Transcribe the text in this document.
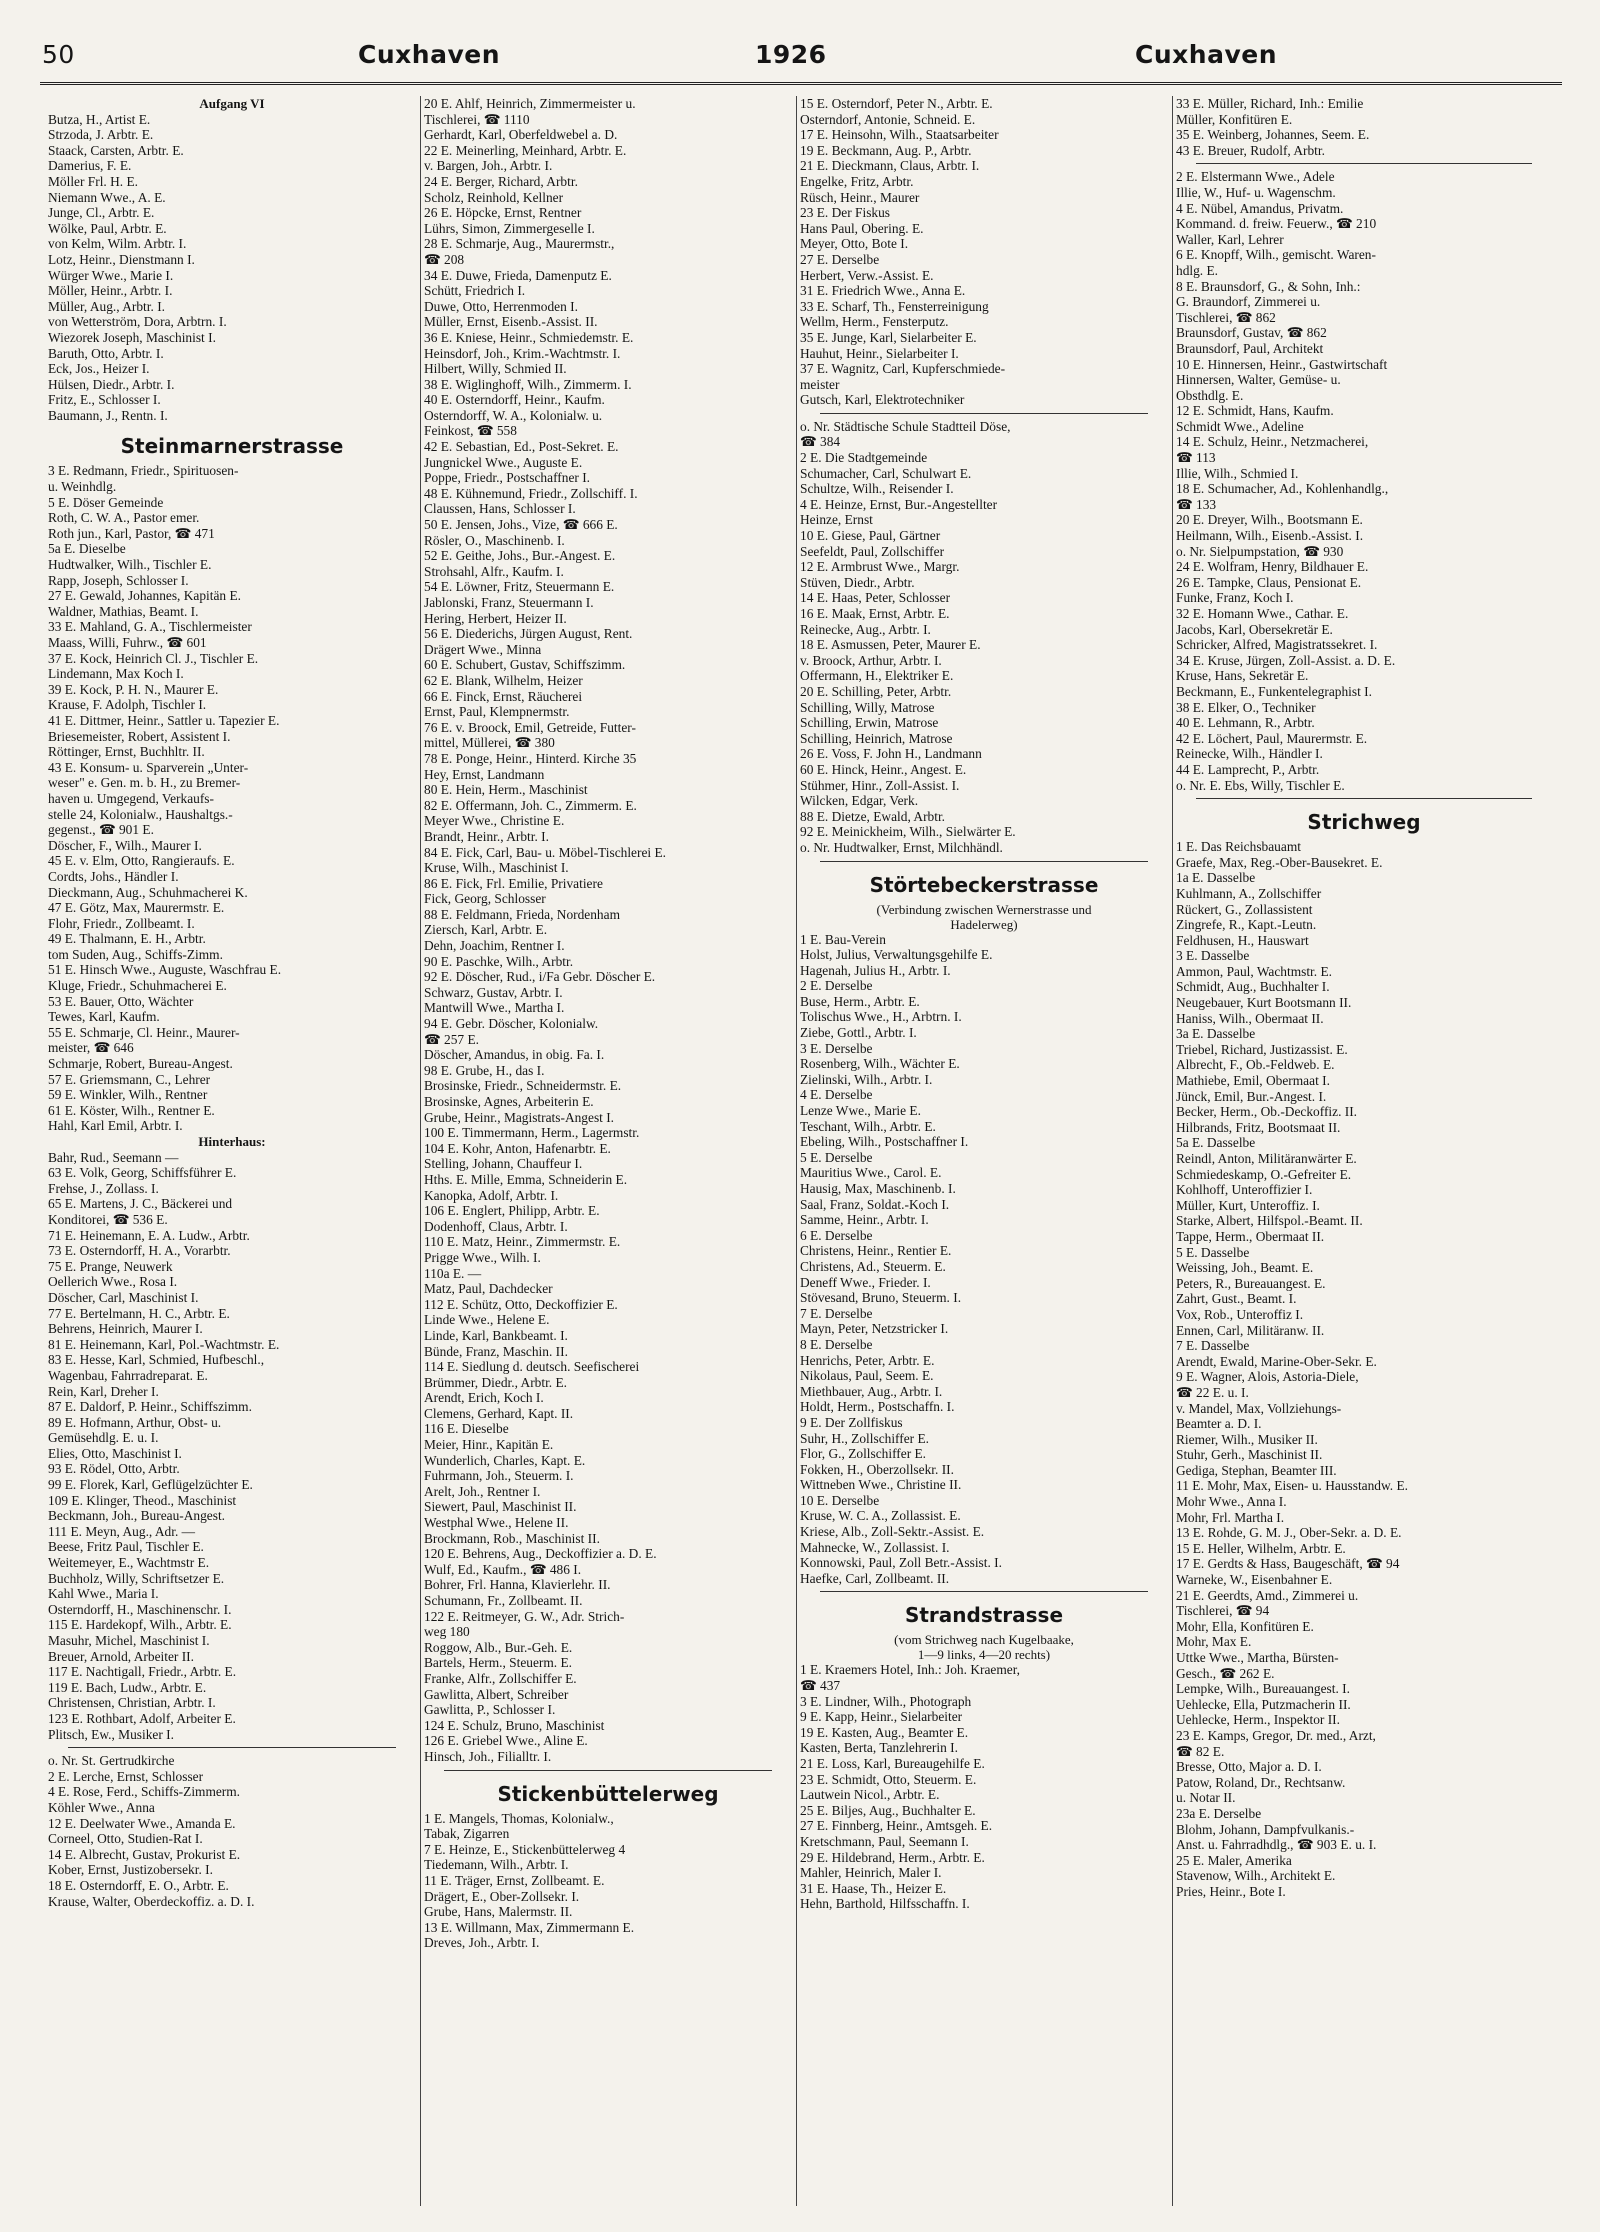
50	Cuxhaven	1926	Cuxhaven
Aufgang VI
Butza, H., Artist E.
Strzoda, J. Arbtr. E.
Staack, Carsten, Arbtr. E.
Damerius, F. E.
Möller Frl. H. E.
Niemann Wwe., A. E.
Junge, Cl., Arbtr. E.
Wölke, Paul, Arbtr. E.
von Kelm, Wilm. Arbtr. I.
Lotz, Heinr., Dienstmann I.
Würger Wwe., Marie I.
Möller, Heinr., Arbtr. I.
Müller, Aug., Arbtr. I.
von Wetterström, Dora, Arbtrn. I.
Wiezorek Joseph, Maschinist I.
Baruth, Otto, Arbtr. I.
Eck, Jos., Heizer I.
Hülsen, Diedr., Arbtr. I.
Fritz, E., Schlosser I.
Baumann, J., Rentn. I.
Steinmarnerstrasse
3 E. Redmann, Friedr., Spirituosen-
u. Weinhdlg.
5 E. Döser Gemeinde
Roth, C. W. A., Pastor emer.
Roth jun., Karl, Pastor, ☎ 471
5a E. Dieselbe
Hudtwalker, Wilh., Tischler E.
Rapp, Joseph, Schlosser I.
27 E. Gewald, Johannes, Kapitän E.
Waldner, Mathias, Beamt. I.
33 E. Mahland, G. A., Tischlermeister
Maass, Willi, Fuhrw., ☎ 601
37 E. Kock, Heinrich Cl. J., Tischler E.
Lindemann, Max Koch I.
39 E. Kock, P. H. N., Maurer E.
Krause, F. Adolph, Tischler I.
41 E. Dittmer, Heinr., Sattler u. Tapezier E.
Briesemeister, Robert, Assistent I.
Röttinger, Ernst, Buchhltr. II.
43 E. Konsum- u. Sparverein „Unter-
weser" e. Gen. m. b. H., zu Bremer-
haven u. Umgegend, Verkaufs-
stelle 24, Kolonialw., Haushaltgs.-
gegenst., ☎ 901 E.
Döscher, F., Wilh., Maurer I.
45 E. v. Elm, Otto, Rangieraufs. E.
Cordts, Johs., Händler I.
Dieckmann, Aug., Schuhmacherei K.
47 E. Götz, Max, Maurermstr. E.
Flohr, Friedr., Zollbeamt. I.
49 E. Thalmann, E. H., Arbtr.
tom Suden, Aug., Schiffs-Zimm.
51 E. Hinsch Wwe., Auguste, Waschfrau E.
Kluge, Friedr., Schuhmacherei E.
53 E. Bauer, Otto, Wächter
Tewes, Karl, Kaufm.
55 E. Schmarje, Cl. Heinr., Maurer-
meister, ☎ 646
Schmarje, Robert, Bureau-Angest.
57 E. Griemsmann, C., Lehrer
59 E. Winkler, Wilh., Rentner
61 E. Köster, Wilh., Rentner E.
Hahl, Karl Emil, Arbtr. I.
Hinterhaus:
Bahr, Rud., Seemann —
63 E. Volk, Georg, Schiffsführer E.
Frehse, J., Zollass. I.
65 E. Martens, J. C., Bäckerei und
Konditorei, ☎ 536 E.
71 E. Heinemann, E. A. Ludw., Arbtr.
73 E. Osterndorff, H. A., Vorarbtr.
75 E. Prange, Neuwerk
Oellerich Wwe., Rosa I.
Döscher, Carl, Maschinist I.
77 E. Bertelmann, H. C., Arbtr. E.
Behrens, Heinrich, Maurer I.
81 E. Heinemann, Karl, Pol.-Wachtmstr. E.
83 E. Hesse, Karl, Schmied, Hufbeschl.,
Wagenbau, Fahrradreparat. E.
Rein, Karl, Dreher I.
87 E. Daldorf, P. Heinr., Schiffszimm.
89 E. Hofmann, Arthur, Obst- u.
Gemüsehdlg. E. u. I.
Elies, Otto, Maschinist I.
93 E. Rödel, Otto, Arbtr.
99 E. Florek, Karl, Geflügelzüchter E.
109 E. Klinger, Theod., Maschinist
Beckmann, Joh., Bureau-Angest.
111 E. Meyn, Aug., Adr. —
Beese, Fritz Paul, Tischler E.
Weitemeyer, E., Wachtmstr E.
Buchholz, Willy, Schriftsetzer E.
Kahl Wwe., Maria I.
Osterndorff, H., Maschinenschr. I.
115 E. Hardekopf, Wilh., Arbtr. E.
Masuhr, Michel, Maschinist I.
Breuer, Arnold, Arbeiter II.
117 E. Nachtigall, Friedr., Arbtr. E.
119 E. Bach, Ludw., Arbtr. E.
Christensen, Christian, Arbtr. I.
123 E. Rothbart, Adolf, Arbeiter E.
Plitsch, Ew., Musiker I.
o. Nr. St. Gertrudkirche
2 E. Lerche, Ernst, Schlosser
4 E. Rose, Ferd., Schiffs-Zimmerm.
Köhler Wwe., Anna
12 E. Deelwater Wwe., Amanda E.
Corneel, Otto, Studien-Rat I.
14 E. Albrecht, Gustav, Prokurist E.
Kober, Ernst, Justizobersekr. I.
18 E. Osterndorff, E. O., Arbtr. E.
Krause, Walter, Oberdeckoffiz. a. D. I.
20 E. Ahlf, Heinrich, Zimmermeister u.
Tischlerei, ☎ 1110
Gerhardt, Karl, Oberfeldwebel a. D.
22 E. Meinerling, Meinhard, Arbtr. E.
v. Bargen, Joh., Arbtr. I.
24 E. Berger, Richard, Arbtr.
Scholz, Reinhold, Kellner
26 E. Höpcke, Ernst, Rentner
Lührs, Simon, Zimmergeselle I.
28 E. Schmarje, Aug., Maurermstr.,
☎ 208
34 E. Duwe, Frieda, Damenputz E.
Schütt, Friedrich I.
Duwe, Otto, Herrenmoden I.
Müller, Ernst, Eisenb.-Assist. II.
36 E. Kniese, Heinr., Schmiedemstr. E.
Heinsdorf, Joh., Krim.-Wachtmstr. I.
Hilbert, Willy, Schmied II.
38 E. Wiglinghoff, Wilh., Zimmerm. I.
40 E. Osterndorff, Heinr., Kaufm.
Osterndorff, W. A., Kolonialw. u.
Feinkost, ☎ 558
42 E. Sebastian, Ed., Post-Sekret. E.
Jungnickel Wwe., Auguste E.
Poppe, Friedr., Postschaffner I.
48 E. Kühnemund, Friedr., Zollschiff. I.
Claussen, Hans, Schlosser I.
50 E. Jensen, Johs., Vize, ☎ 666 E.
Rösler, O., Maschinenb. I.
52 E. Geithe, Johs., Bur.-Angest. E.
Strohsahl, Alfr., Kaufm. I.
54 E. Löwner, Fritz, Steuermann E.
Jablonski, Franz, Steuermann I.
Hering, Herbert, Heizer II.
56 E. Diederichs, Jürgen August, Rent.
Drägert Wwe., Minna
60 E. Schubert, Gustav, Schiffszimm.
62 E. Blank, Wilhelm, Heizer
66 E. Finck, Ernst, Räucherei
Ernst, Paul, Klempnermstr.
76 E. v. Broock, Emil, Getreide, Futter-
mittel, Müllerei, ☎ 380
78 E. Ponge, Heinr., Hinterd. Kirche 35
Hey, Ernst, Landmann
80 E. Hein, Herm., Maschinist
82 E. Offermann, Joh. C., Zimmerm. E.
Meyer Wwe., Christine E.
Brandt, Heinr., Arbtr. I.
84 E. Fick, Carl, Bau- u. Möbel-Tischlerei E.
Kruse, Wilh., Maschinist I.
86 E. Fick, Frl. Emilie, Privatiere
Fick, Georg, Schlosser
88 E. Feldmann, Frieda, Nordenham
Ziersch, Karl, Arbtr. E.
Dehn, Joachim, Rentner I.
90 E. Paschke, Wilh., Arbtr.
92 E. Döscher, Rud., i/Fa Gebr. Döscher E.
Schwarz, Gustav, Arbtr. I.
Mantwill Wwe., Martha I.
94 E. Gebr. Döscher, Kolonialw.
☎ 257 E.
Döscher, Amandus, in obig. Fa. I.
98 E. Grube, H., das I.
Brosinske, Friedr., Schneidermstr. E.
Brosinske, Agnes, Arbeiterin E.
Grube, Heinr., Magistrats-Angest I.
100 E. Timmermann, Herm., Lagermstr.
104 E. Kohr, Anton, Hafenarbtr. E.
Stelling, Johann, Chauffeur I.
Hths. E. Mille, Emma, Schneiderin E.
Kanopka, Adolf, Arbtr. I.
106 E. Englert, Philipp, Arbtr. E.
Dodenhoff, Claus, Arbtr. I.
110 E. Matz, Heinr., Zimmermstr. E.
Prigge Wwe., Wilh. I.
110a E. —
Matz, Paul, Dachdecker
112 E. Schütz, Otto, Deckoffizier E.
Linde Wwe., Helene E.
Linde, Karl, Bankbeamt. I.
Bünde, Franz, Maschin. II.
114 E. Siedlung d. deutsch. Seefischerei
Brümmer, Diedr., Arbtr. E.
Arendt, Erich, Koch I.
Clemens, Gerhard, Kapt. II.
116 E. Dieselbe
Meier, Hinr., Kapitän E.
Wunderlich, Charles, Kapt. E.
Fuhrmann, Joh., Steuerm. I.
Arelt, Joh., Rentner I.
Siewert, Paul, Maschinist II.
Westphal Wwe., Helene II.
Brockmann, Rob., Maschinist II.
120 E. Behrens, Aug., Deckoffizier a. D. E.
Wulf, Ed., Kaufm., ☎ 486 I.
Bohrer, Frl. Hanna, Klavierlehr. II.
Schumann, Fr., Zollbeamt. II.
122 E. Reitmeyer, G. W., Adr. Strich-
weg 180
Roggow, Alb., Bur.-Geh. E.
Bartels, Herm., Steuerm. E.
Franke, Alfr., Zollschiffer E.
Gawlitta, Albert, Schreiber
Gawlitta, P., Schlosser I.
124 E. Schulz, Bruno, Maschinist
126 E. Griebel Wwe., Aline E.
Hinsch, Joh., Filialltr. I.
Stickenbüttelerweg
1 E. Mangels, Thomas, Kolonialw.,
Tabak, Zigarren
7 E. Heinze, E., Stickenbüttelerweg 4
Tiedemann, Wilh., Arbtr. I.
11 E. Träger, Ernst, Zollbeamt. E.
Drägert, E., Ober-Zollsekr. I.
Grube, Hans, Malermstr. II.
13 E. Willmann, Max, Zimmermann E.
Dreves, Joh., Arbtr. I.
15 E. Osterndorf, Peter N., Arbtr. E.
Osterndorf, Antonie, Schneid. E.
17 E. Heinsohn, Wilh., Staatsarbeiter
19 E. Beckmann, Aug. P., Arbtr.
21 E. Dieckmann, Claus, Arbtr. I.
Engelke, Fritz, Arbtr.
Rüsch, Heinr., Maurer
23 E. Der Fiskus
Hans Paul, Obering. E.
Meyer, Otto, Bote I.
27 E. Derselbe
Herbert, Verw.-Assist. E.
31 E. Friedrich Wwe., Anna E.
33 E. Scharf, Th., Fensterreinigung
Wellm, Herm., Fensterputz.
35 E. Junge, Karl, Sielarbeiter E.
Hauhut, Heinr., Sielarbeiter I.
37 E. Wagnitz, Carl, Kupferschmiede-
meister
Gutsch, Karl, Elektrotechniker
o. Nr. Städtische Schule Stadtteil Döse,
☎ 384
2 E. Die Stadtgemeinde
Schumacher, Carl, Schulwart E.
Schultze, Wilh., Reisender I.
4 E. Heinze, Ernst, Bur.-Angestellter
Heinze, Ernst
10 E. Giese, Paul, Gärtner
Seefeldt, Paul, Zollschiffer
12 E. Armbrust Wwe., Margr.
Stüven, Diedr., Arbtr.
14 E. Haas, Peter, Schlosser
16 E. Maak, Ernst, Arbtr. E.
Reinecke, Aug., Arbtr. I.
18 E. Asmussen, Peter, Maurer E.
v. Broock, Arthur, Arbtr. I.
Offermann, H., Elektriker E.
20 E. Schilling, Peter, Arbtr.
Schilling, Willy, Matrose
Schilling, Erwin, Matrose
Schilling, Heinrich, Matrose
26 E. Voss, F. John H., Landmann
60 E. Hinck, Heinr., Angest. E.
Stühmer, Hinr., Zoll-Assist. I.
Wilcken, Edgar, Verk.
88 E. Dietze, Ewald, Arbtr.
92 E. Meinickheim, Wilh., Sielwärter E.
o. Nr. Hudtwalker, Ernst, Milchhändl.
Störtebeckerstrasse
(Verbindung zwischen Wernerstrasse und
Hadelerweg)
1 E. Bau-Verein
Holst, Julius, Verwaltungsgehilfe E.
Hagenah, Julius H., Arbtr. I.
2 E. Derselbe
Buse, Herm., Arbtr. E.
Tolischus Wwe., H., Arbtrn. I.
Ziebe, Gottl., Arbtr. I.
3 E. Derselbe
Rosenberg, Wilh., Wächter E.
Zielinski, Wilh., Arbtr. I.
4 E. Derselbe
Lenze Wwe., Marie E.
Teschant, Wilh., Arbtr. E.
Ebeling, Wilh., Postschaffner I.
5 E. Derselbe
Mauritius Wwe., Carol. E.
Hausig, Max, Maschinenb. I.
Saal, Franz, Soldat.-Koch I.
Samme, Heinr., Arbtr. I.
6 E. Derselbe
Christens, Heinr., Rentier E.
Christens, Ad., Steuerm. E.
Deneff Wwe., Frieder. I.
Stövesand, Bruno, Steuerm. I.
7 E. Derselbe
Mayn, Peter, Netzstricker I.
8 E. Derselbe
Henrichs, Peter, Arbtr. E.
Nikolaus, Paul, Seem. E.
Miethbauer, Aug., Arbtr. I.
Holdt, Herm., Postschaffn. I.
9 E. Der Zollfiskus
Suhr, H., Zollschiffer E.
Flor, G., Zollschiffer E.
Fokken, H., Oberzollsekr. II.
Wittneben Wwe., Christine II.
10 E. Derselbe
Kruse, W. C. A., Zollassist. E.
Kriese, Alb., Zoll-Sektr.-Assist. E.
Mahnecke, W., Zollassist. I.
Konnowski, Paul, Zoll Betr.-Assist. I.
Haefke, Carl, Zollbeamt. II.
Strandstrasse
(vom Strichweg nach Kugelbaake,
1—9 links, 4—20 rechts)
1 E. Kraemers Hotel, Inh.: Joh. Kraemer,
☎ 437
3 E. Lindner, Wilh., Photograph
9 E. Kapp, Heinr., Sielarbeiter
19 E. Kasten, Aug., Beamter E.
Kasten, Berta, Tanzlehrerin I.
21 E. Loss, Karl, Bureaugehilfe E.
23 E. Schmidt, Otto, Steuerm. E.
Lautwein Nicol., Arbtr. E.
25 E. Biljes, Aug., Buchhalter E.
27 E. Finnberg, Heinr., Amtsgeh. E.
Kretschmann, Paul, Seemann I.
29 E. Hildebrand, Herm., Arbtr. E.
Mahler, Heinrich, Maler I.
31 E. Haase, Th., Heizer E.
Hehn, Barthold, Hilfsschaffn. I.
33 E. Müller, Richard, Inh.: Emilie
Müller, Konfitüren E.
35 E. Weinberg, Johannes, Seem. E.
43 E. Breuer, Rudolf, Arbtr.
2 E. Elstermann Wwe., Adele
Illie, W., Huf- u. Wagenschm.
4 E. Nübel, Amandus, Privatm.
Kommand. d. freiw. Feuerw., ☎ 210
Waller, Karl, Lehrer
6 E. Knopff, Wilh., gemischt. Waren-
hdlg. E.
8 E. Braunsdorf, G., & Sohn, Inh.:
G. Braundorf, Zimmerei u.
Tischlerei, ☎ 862
Braunsdorf, Gustav, ☎ 862
Braunsdorf, Paul, Architekt
10 E. Hinnersen, Heinr., Gastwirtschaft
Hinnersen, Walter, Gemüse- u.
Obsthdlg. E.
12 E. Schmidt, Hans, Kaufm.
Schmidt Wwe., Adeline
14 E. Schulz, Heinr., Netzmacherei,
☎ 113
Illie, Wilh., Schmied I.
18 E. Schumacher, Ad., Kohlenhandlg.,
☎ 133
20 E. Dreyer, Wilh., Bootsmann E.
Heilmann, Wilh., Eisenb.-Assist. I.
o. Nr. Sielpumpstation, ☎ 930
24 E. Wolfram, Henry, Bildhauer E.
26 E. Tampke, Claus, Pensionat E.
Funke, Franz, Koch I.
32 E. Homann Wwe., Cathar. E.
Jacobs, Karl, Obersekretär E.
Schricker, Alfred, Magistratssekret. I.
34 E. Kruse, Jürgen, Zoll-Assist. a. D. E.
Kruse, Hans, Sekretär E.
Beckmann, E., Funkentelegraphist I.
38 E. Elker, O., Techniker
40 E. Lehmann, R., Arbtr.
42 E. Löchert, Paul, Maurermstr. E.
Reinecke, Wilh., Händler I.
44 E. Lamprecht, P., Arbtr.
o. Nr. E. Ebs, Willy, Tischler E.
Strichweg
1 E. Das Reichsbauamt
Graefe, Max, Reg.-Ober-Bausekret. E.
1a E. Dasselbe
Kuhlmann, A., Zollschiffer
Rückert, G., Zollassistent
Zingrefe, R., Kapt.-Leutn.
Feldhusen, H., Hauswart
3 E. Dasselbe
Ammon, Paul, Wachtmstr. E.
Schmidt, Aug., Buchhalter I.
Neugebauer, Kurt Bootsmann II.
Haniss, Wilh., Obermaat II.
3a E. Dasselbe
Triebel, Richard, Justizassist. E.
Albrecht, F., Ob.-Feldweb. E.
Mathiebe, Emil, Obermaat I.
Jünck, Emil, Bur.-Angest. I.
Becker, Herm., Ob.-Deckoffiz. II.
Hilbrands, Fritz, Bootsmaat II.
5a E. Dasselbe
Reindl, Anton, Militäranwärter E.
Schmiedeskamp, O.-Gefreiter E.
Kohlhoff, Unteroffizier I.
Müller, Kurt, Unteroffiz. I.
Starke, Albert, Hilfspol.-Beamt. II.
Tappe, Herm., Obermaat II.
5 E. Dasselbe
Weissing, Joh., Beamt. E.
Peters, R., Bureauangest. E.
Zahrt, Gust., Beamt. I.
Vox, Rob., Unteroffiz I.
Ennen, Carl, Militäranw. II.
7 E. Dasselbe
Arendt, Ewald, Marine-Ober-Sekr. E.
9 E. Wagner, Alois, Astoria-Diele,
☎ 22 E. u. I.
v. Mandel, Max, Vollziehungs-
Beamter a. D. I.
Riemer, Wilh., Musiker II.
Stuhr, Gerh., Maschinist II.
Gediga, Stephan, Beamter III.
11 E. Mohr, Max, Eisen- u. Hausstandw. E.
Mohr Wwe., Anna I.
Mohr, Frl. Martha I.
13 E. Rohde, G. M. J., Ober-Sekr. a. D. E.
15 E. Heller, Wilhelm, Arbtr. E.
17 E. Gerdts & Hass, Baugeschäft, ☎ 94
Warneke, W., Eisenbahner E.
21 E. Geerdts, Amd., Zimmerei u.
Tischlerei, ☎ 94
Mohr, Ella, Konfitüren E.
Mohr, Max E.
Uttke Wwe., Martha, Bürsten-
Gesch., ☎ 262 E.
Lempke, Wilh., Bureauangest. I.
Uehlecke, Ella, Putzmacherin II.
Uehlecke, Herm., Inspektor II.
23 E. Kamps, Gregor, Dr. med., Arzt,
☎ 82 E.
Bresse, Otto, Major a. D. I.
Patow, Roland, Dr., Rechtsanw.
u. Notar II.
23a E. Derselbe
Blohm, Johann, Dampfvulkanis.-
Anst. u. Fahrradhdlg., ☎ 903 E. u. I.
25 E. Maler, Amerika
Stavenow, Wilh., Architekt E.
Pries, Heinr., Bote I.
